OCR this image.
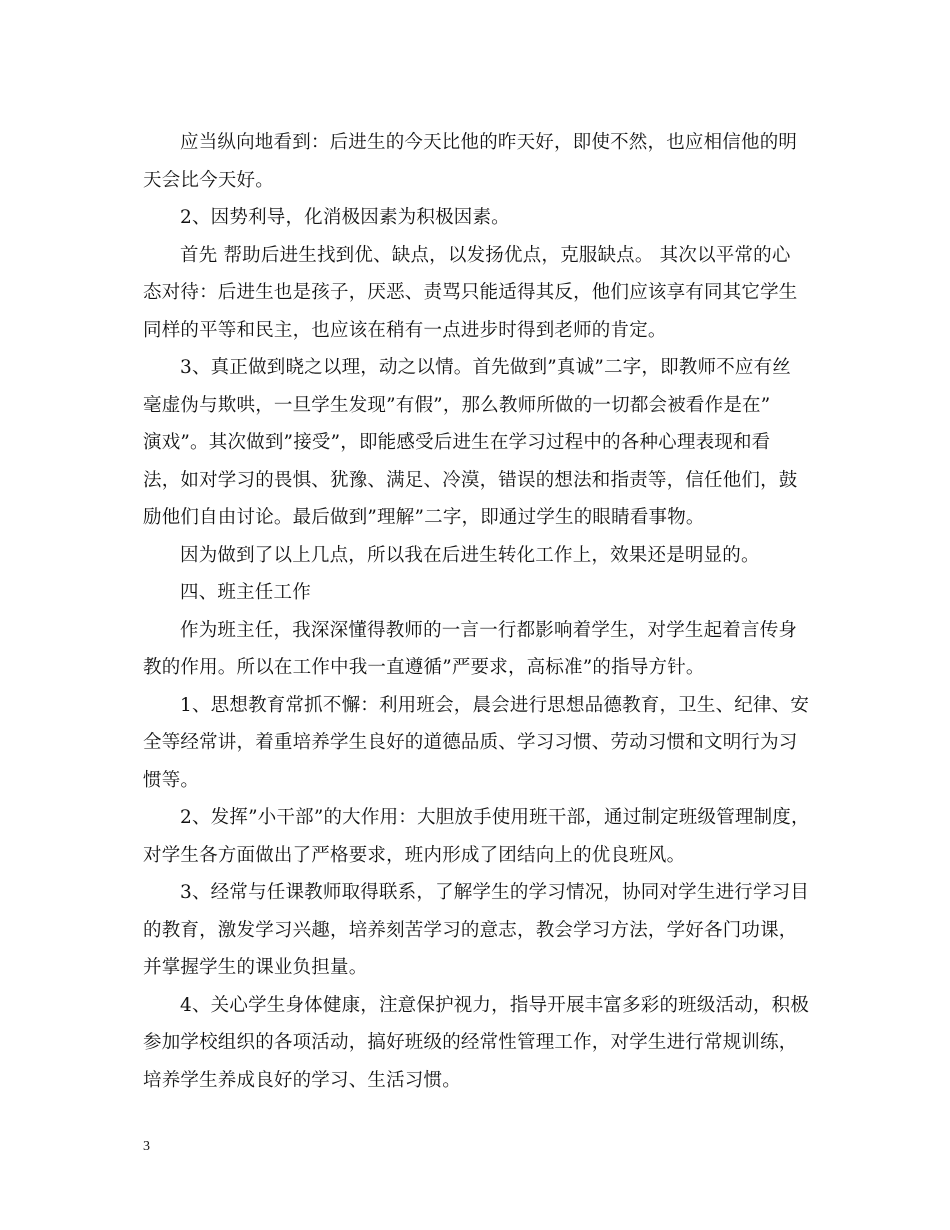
应当纵向地看到：后进生的今天比他的昨天好，即使不然，也应相信他的明
天会比今天好。
2、因势利导，化消极因素为积极因素。
首先 帮助后进生找到优、缺点，以发扬优点，克服缺点。 其次以平常的心
态对待：后进生也是孩子，厌恶、责骂只能适得其反，他们应该享有同其它学生
同样的平等和民主，也应该在稍有一点进步时得到老师的肯定。
3、真正做到晓之以理，动之以情。首先做到”真诚”二字，即教师不应有丝
毫虚伪与欺哄，一旦学生发现”有假”，那么教师所做的一切都会被看作是在”
演戏”。其次做到”接受”，即能感受后进生在学习过程中的各种心理表现和看
法，如对学习的畏惧、犹豫、满足、冷漠，错误的想法和指责等，信任他们，鼓
励他们自由讨论。最后做到”理解”二字，即通过学生的眼睛看事物。
因为做到了以上几点，所以我在后进生转化工作上，效果还是明显的。
四、班主任工作
作为班主任，我深深懂得教师的一言一行都影响着学生，对学生起着言传身
教的作用。所以在工作中我一直遵循”严要求，高标准”的指导方针。
1、思想教育常抓不懈：利用班会，晨会进行思想品德教育，卫生、纪律、安
全等经常讲，着重培养学生良好的道德品质、学习习惯、劳动习惯和文明行为习
惯等。
2、发挥”小干部”的大作用：大胆放手使用班干部，通过制定班级管理制度，
对学生各方面做出了严格要求，班内形成了团结向上的优良班风。
3、经常与任课教师取得联系，了解学生的学习情况，协同对学生进行学习目
的教育，激发学习兴趣，培养刻苦学习的意志，教会学习方法，学好各门功课，
并掌握学生的课业负担量。
4、关心学生身体健康，注意保护视力，指导开展丰富多彩的班级活动，积极
参加学校组织的各项活动，搞好班级的经常性管理工作，对学生进行常规训练，
培养学生养成良好的学习、生活习惯。
3
